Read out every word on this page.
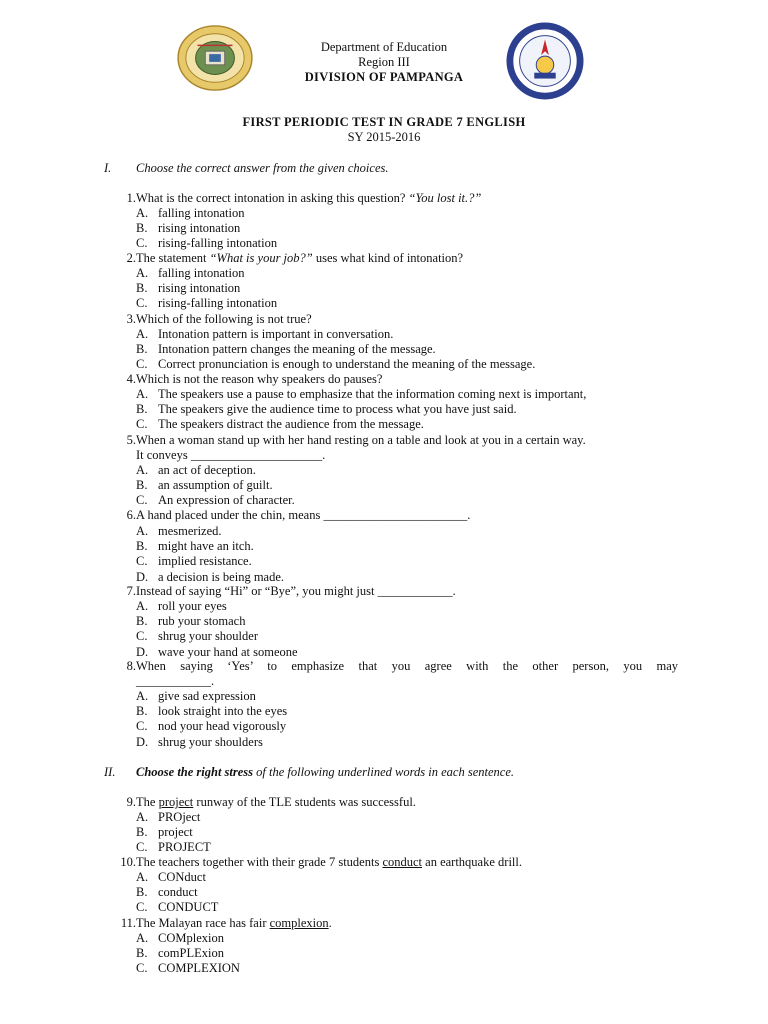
Department of Education
Region III
DIVISION OF PAMPANGA
FIRST PERIODIC TEST IN GRADE 7 ENGLISH
SY 2015-2016
I. Choose the correct answer from the given choices.
1. What is the correct intonation in asking this question? “You lost it.?”
A. falling intonation
B. rising intonation
C. rising-falling intonation
2. The statement “What is your job?” uses what kind of intonation?
A. falling intonation
B. rising intonation
C. rising-falling intonation
3. Which of the following is not true?
A. Intonation pattern is important in conversation.
B. Intonation pattern changes the meaning of the message.
C. Correct pronunciation is enough to understand the meaning of the message.
4. Which is not the reason why speakers do pauses?
A. The speakers use a pause to emphasize that the information coming next is important,
B. The speakers give the audience time to process what you have just said.
C. The speakers distract the audience from the message.
5. When a woman stand up with her hand resting on a table and look at you in a certain way.
It conveys _____________________.
A. an act of deception.
B. an assumption of guilt.
C. An expression of character.
6. A hand placed under the chin, means _______________________.
A. mesmerized.
B. might have an itch.
C. implied resistance.
D. a decision is being made.
7. Instead of saying “Hi” or “Bye”, you might just ____________.
A. roll your eyes
B. rub your stomach
C. shrug your shoulder
D. wave your hand at someone
8. When saying ‘Yes’ to emphasize that you agree with the other person, you may
____________.
A. give sad expression
B. look straight into the eyes
C. nod your head vigorously
D. shrug your shoulders
II. Choose the right stress of the following underlined words in each sentence.
9. The project runway of the TLE students was successful.
A. PROject
B. project
C. PROJECT
10. The teachers together with their grade 7 students conduct an earthquake drill.
A. CONduct
B. conduct
C. CONDUCT
11. The Malayan race has fair complexion.
A. COMplexion
B. comPLExion
C. COMPLEXION
